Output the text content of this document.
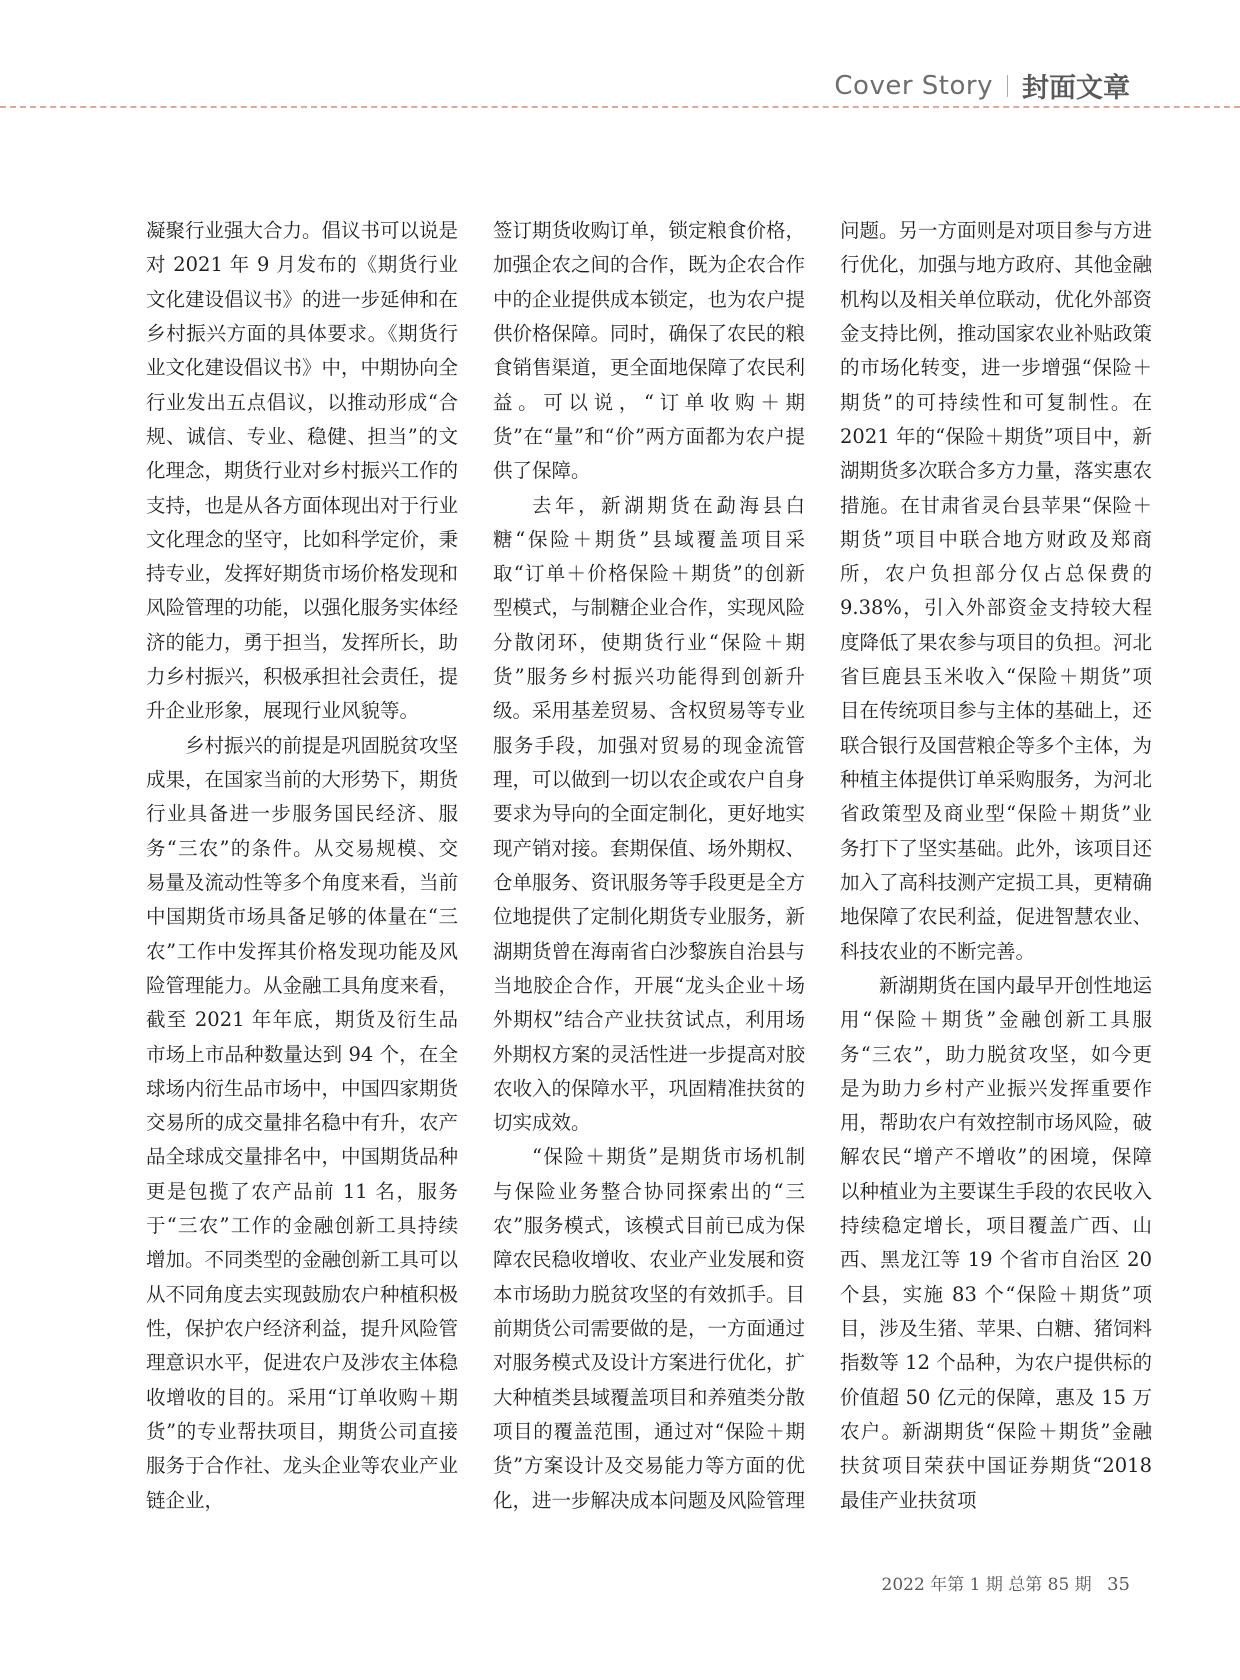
Cover Story 封面文章

凝聚行业强大合力。倡议书可以说是对 2021 年 9 月发布的《期货行业文化建设倡议书》的进一步延伸和在乡村振兴方面的具体要求。《期货行业文化建设倡议书》中，中期协向全行业发出五点倡议，以推动形成“合规、诚信、专业、稳健、担当”的文化理念，期货行业对乡村振兴工作的支持，也是从各方面体现出对于行业文化理念的坚守，比如科学定价，秉持专业，发挥好期货市场价格发现和风险管理的功能，以强化服务实体经济的能力，勇于担当，发挥所长，助力乡村振兴，积极承担社会责任，提升企业形象，展现行业风貌等。

乡村振兴的前提是巩固脱贫攻坚成果，在国家当前的大形势下，期货行业具备进一步服务国民经济、服务“三农”的条件。从交易规模、交易量及流动性等多个角度来看，当前中国期货市场具备足够的体量在“三农”工作中发挥其价格发现功能及风险管理能力。从金融工具角度来看，截至 2021 年年底，期货及衍生品市场上市品种数量达到 94 个，在全球场内衍生品市场中，中国四家期货交易所的成交量排名稳中有升，农产品全球成交量排名中，中国期货品种更是包揽了农产品前 11 名，服务于“三农”工作的金融创新工具持续增加。不同类型的金融创新工具可以从不同角度去实现鼓励农户种植积极性，保护农户经济利益，提升风险管理意识水平，促进农户及涉农主体稳收增收的目的。采用“订单收购＋期货”的专业帮扶项目，期货公司直接服务于合作社、龙头企业等农业产业链企业，

签订期货收购订单，锁定粮食价格，加强企农之间的合作，既为企农合作中的企业提供成本锁定，也为农户提供价格保障。同时，确保了农民的粮食销售渠道，更全面地保障了农民利益。可以说，“订单收购＋期货”在“量”和“价”两方面都为农户提供了保障。

去年，新湖期货在勐海县白糖“保险＋期货”县域覆盖项目采取“订单＋价格保险＋期货”的创新型模式，与制糖企业合作，实现风险分散闭环，使期货行业“保险＋期货”服务乡村振兴功能得到创新升级。采用基差贸易、含权贸易等专业服务手段，加强对贸易的现金流管理，可以做到一切以农企或农户自身要求为导向的全面定制化，更好地实现产销对接。套期保值、场外期权、仓单服务、资讯服务等手段更是全方位地提供了定制化期货专业服务，新湖期货曾在海南省白沙黎族自治县与当地胶企合作，开展“龙头企业＋场外期权”结合产业扶贫试点，利用场外期权方案的灵活性进一步提高对胶农收入的保障水平，巩固精准扶贫的切实成效。

“保险＋期货”是期货市场机制与保险业务整合协同探索出的“三农”服务模式，该模式目前已成为保障农民稳收增收、农业产业发展和资本市场助力脱贫攻坚的有效抓手。目前期货公司需要做的是，一方面通过对服务模式及设计方案进行优化，扩大种植类县域覆盖项目和养殖类分散项目的覆盖范围，通过对“保险＋期货”方案设计及交易能力等方面的优化，进一步解决成本问题及风险管理

问题。另一方面则是对项目参与方进行优化，加强与地方政府、其他金融机构以及相关单位联动，优化外部资金支持比例，推动国家农业补贴政策的市场化转变，进一步增强“保险＋期货”的可持续性和可复制性。在 2021 年的“保险＋期货”项目中，新湖期货多次联合多方力量，落实惠农措施。在甘肃省灵台县苹果“保险＋期货”项目中联合地方财政及郑商所，农户负担部分仅占总保费的 9.38%，引入外部资金支持较大程度降低了果农参与项目的负担。河北省巨鹿县玉米收入“保险＋期货”项目在传统项目参与主体的基础上，还联合银行及国营粮企等多个主体，为种植主体提供订单采购服务，为河北省政策型及商业型“保险＋期货”业务打下了坚实基础。此外，该项目还加入了高科技测产定损工具，更精确地保障了农民利益，促进智慧农业、科技农业的不断完善。

新湖期货在国内最早开创性地运用“保险＋期货”金融创新工具服务“三农”，助力脱贫攻坚，如今更是为助力乡村产业振兴发挥重要作用，帮助农户有效控制市场风险，破解农民“增产不增收”的困境，保障以种植业为主要谋生手段的农民收入持续稳定增长，项目覆盖广西、山西、黑龙江等 19 个省市自治区 20 个县，实施 83 个“保险＋期货”项目，涉及生猪、苹果、白糖、猪饲料指数等 12 个品种，为农户提供标的价值超 50 亿元的保障，惠及 15 万农户。新湖期货“保险＋期货”金融扶贫项目荣获中国证券期货“2018 最佳产业扶贫项

2022 年第 1 期 总第 85 期 35
